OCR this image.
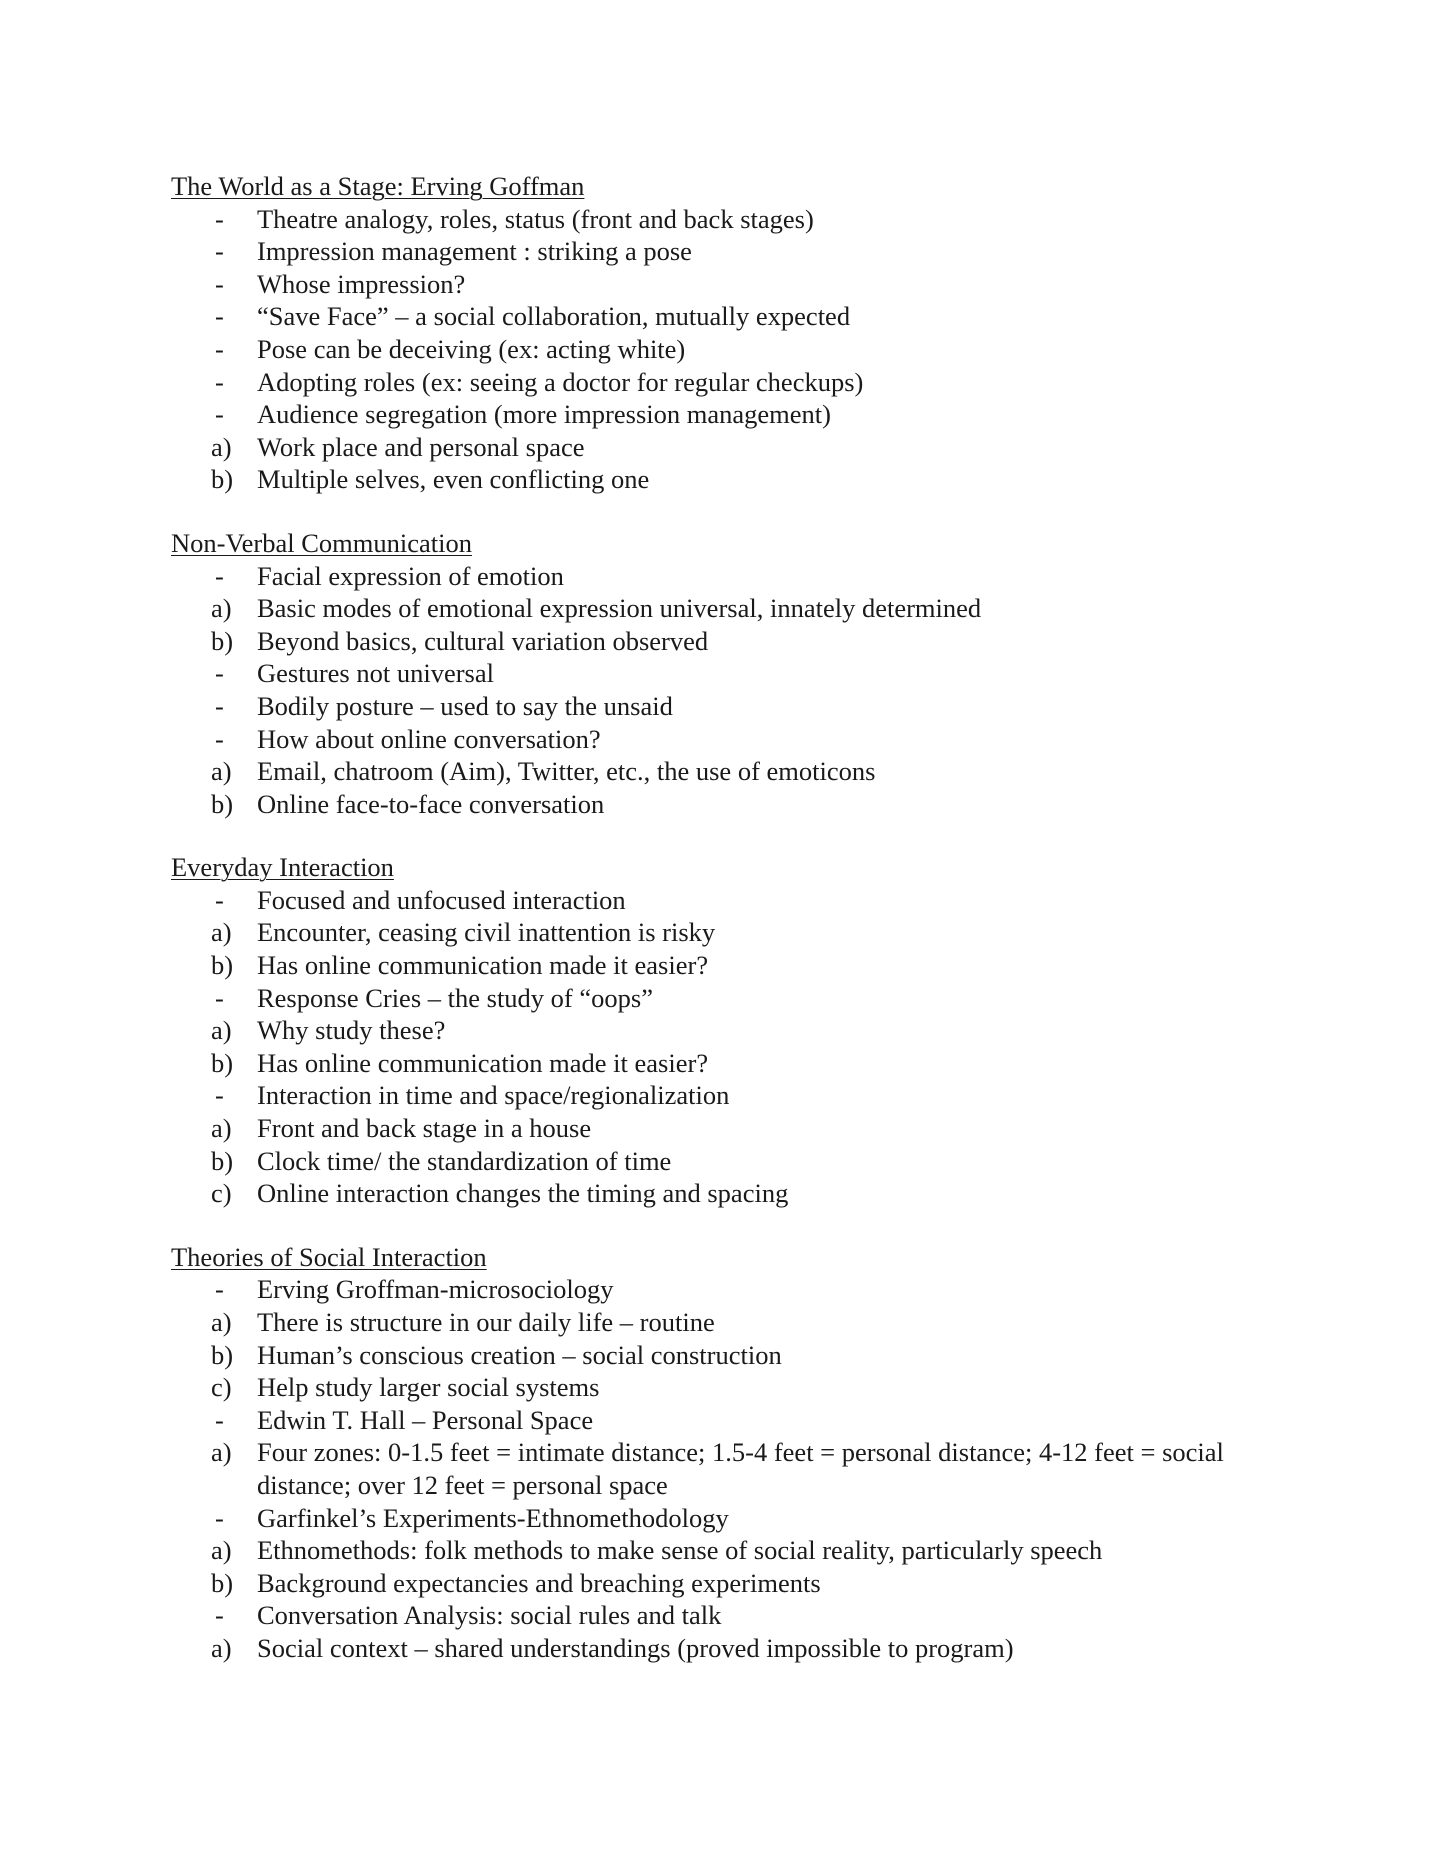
The World as a Stage: Erving Goffman
-	Theatre analogy, roles, status (front and back stages)
-	Impression management : striking a pose
-	Whose impression?
-	“Save Face” – a social collaboration, mutually expected
-	Pose can be deceiving (ex: acting white)
-	Adopting roles (ex: seeing a doctor for regular checkups)
-	Audience segregation (more impression management)
a) Work place and personal space
b) Multiple selves, even conflicting one
Non-Verbal Communication
-	Facial expression of emotion
a) Basic modes of emotional expression universal, innately determined
b) Beyond basics, cultural variation observed
-	Gestures not universal
-	Bodily posture – used to say the unsaid
-	How about online conversation?
a) Email, chatroom (Aim), Twitter, etc., the use of emoticons
b) Online face-to-face conversation
Everyday Interaction
-	Focused and unfocused interaction
a) Encounter, ceasing civil inattention is risky
b) Has online communication made it easier?
-	Response Cries – the study of “oops”
a) Why study these?
b) Has online communication made it easier?
-	Interaction in time and space/regionalization
a) Front and back stage in a house
b) Clock time/ the standardization of time
c) Online interaction changes the timing and spacing
Theories of Social Interaction
-	Erving Groffman-microsociology
a) There is structure in our daily life – routine
b) Human’s conscious creation – social construction
c) Help study larger social systems
-	Edwin T. Hall – Personal Space
a) Four zones: 0-1.5 feet = intimate distance; 1.5-4 feet = personal distance; 4-12 feet = social distance; over 12 feet = personal space
-	Garfinkel’s Experiments-Ethnomethodology
a) Ethnomethods: folk methods to make sense of social reality, particularly speech
b) Background expectancies and breaching experiments
-	Conversation Analysis: social rules and talk
a) Social context – shared understandings (proved impossible to program)
